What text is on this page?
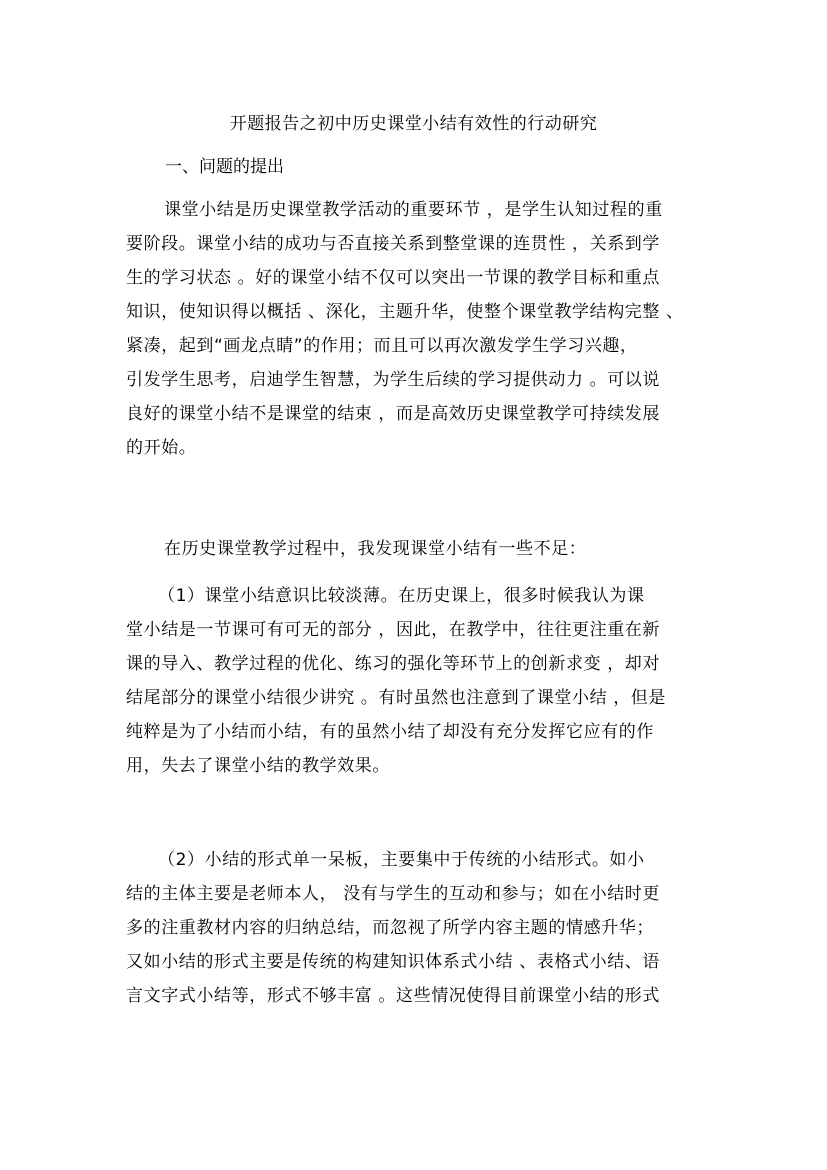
开题报告之初中历史课堂小结有效性的行动研究
一、问题的提出
课堂小结是历史课堂教学活动的重要环节 ，是学生认知过程的重
要阶段。课堂小结的成功与否直接关系到整堂课的连贯性 ，关系到学
生的学习状态 。好的课堂小结不仅可以突出一节课的教学目标和重点
知识，使知识得以概括 、深化，主题升华，使整个课堂教学结构完整 、
紧凑，起到“画龙点睛”的作用；而且可以再次激发学生学习兴趣，
引发学生思考，启迪学生智慧，为学生后续的学习提供动力 。可以说
良好的课堂小结不是课堂的结束 ，而是高效历史课堂教学可持续发展
的开始。
在历史课堂教学过程中，我发现课堂小结有一些不足：
（1）课堂小结意识比较淡薄。在历史课上，很多时候我认为课
堂小结是一节课可有可无的部分 ，因此，在教学中，往往更注重在新
课的导入、教学过程的优化、练习的强化等环节上的创新求变 ，却对
结尾部分的课堂小结很少讲究 。有时虽然也注意到了课堂小结 ，但是
纯粹是为了小结而小结，有的虽然小结了却没有充分发挥它应有的作
用，失去了课堂小结的教学效果。
（2）小结的形式单一呆板，主要集中于传统的小结形式。如小
结的主体主要是老师本人， 没有与学生的互动和参与；如在小结时更
多的注重教材内容的归纳总结，而忽视了所学内容主题的情感升华；
又如小结的形式主要是传统的构建知识体系式小结 、表格式小结、语
言文字式小结等，形式不够丰富 。这些情况使得目前课堂小结的形式
